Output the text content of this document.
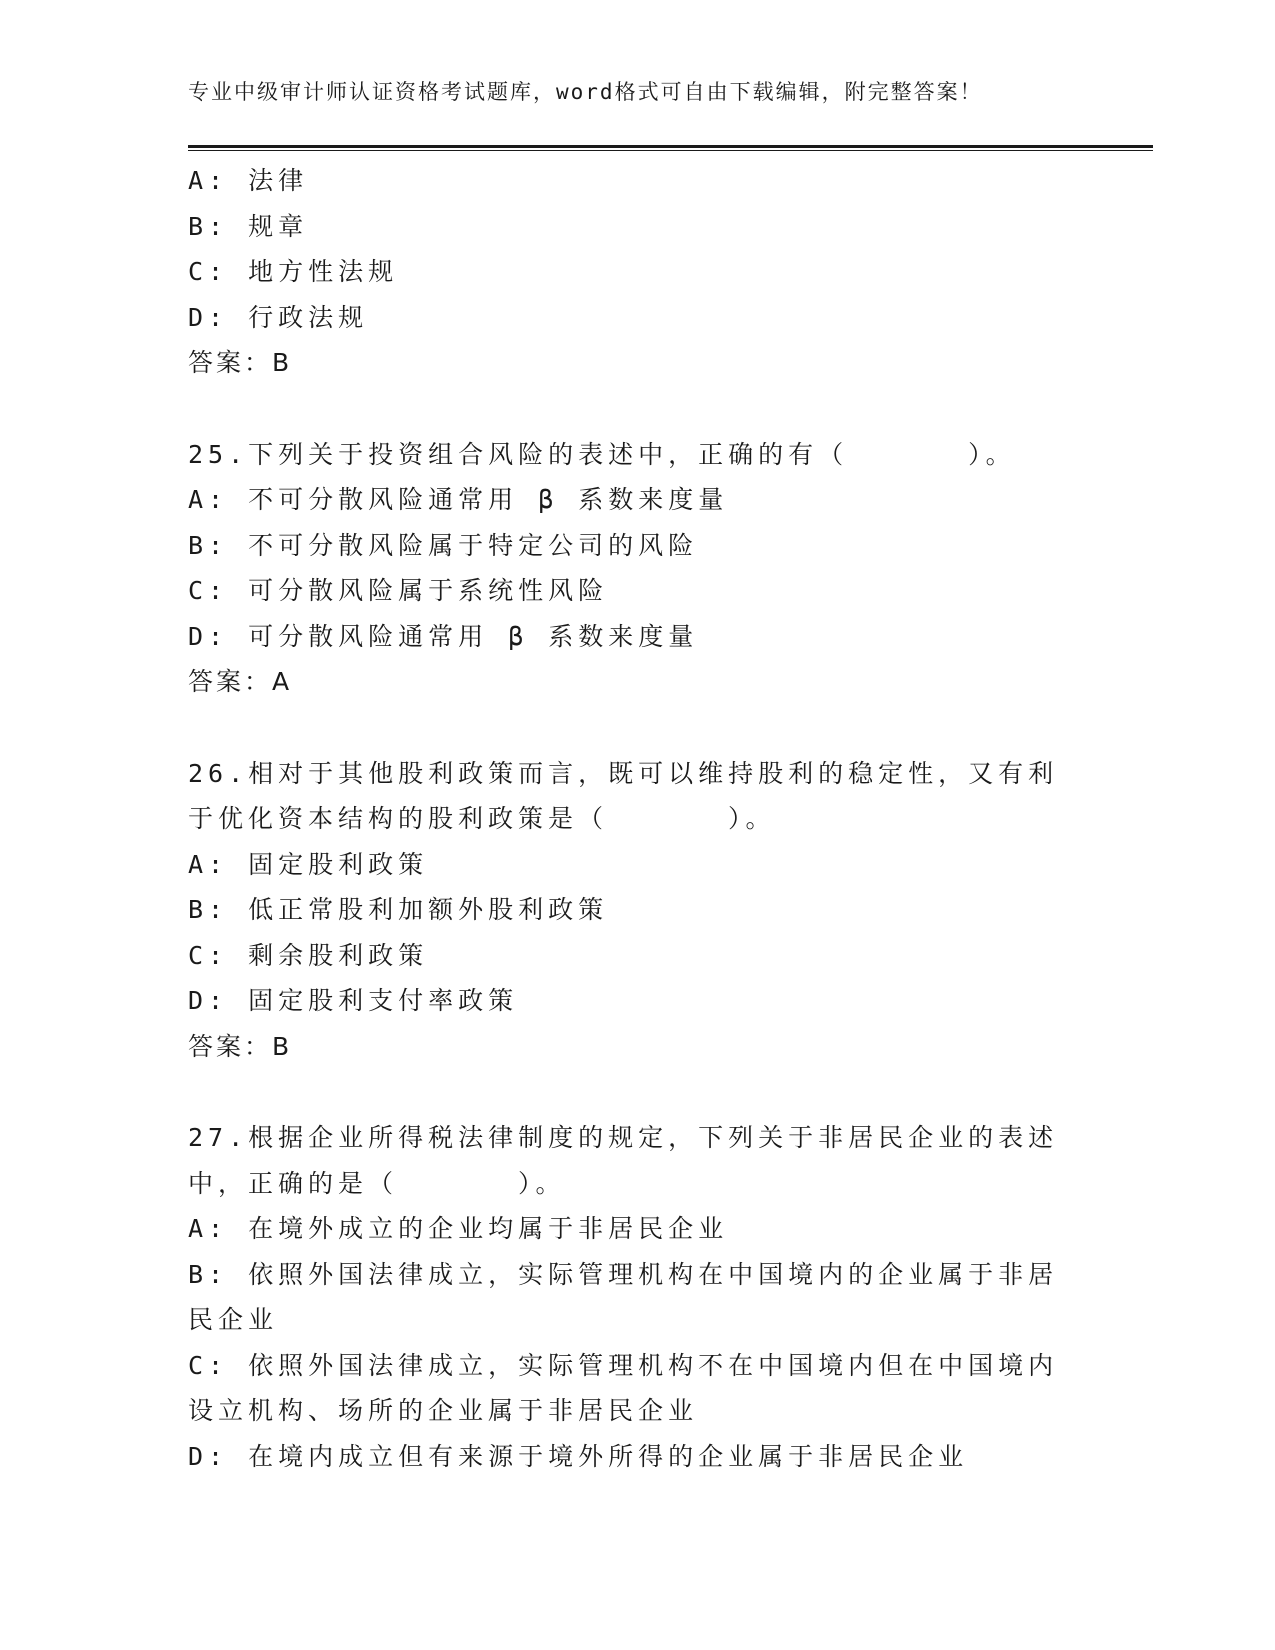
专业中级审计师认证资格考试题库，word格式可自由下载编辑，附完整答案！
A: 法律
B: 规章
C: 地方性法规
D: 行政法规
答案：B
25.下列关于投资组合风险的表述中，正确的有（　　　　）。
A: 不可分散风险通常用 β 系数来度量
B: 不可分散风险属于特定公司的风险
C: 可分散风险属于系统性风险
D: 可分散风险通常用 β 系数来度量
答案：A
26.相对于其他股利政策而言，既可以维持股利的稳定性，又有利于优化资本结构的股利政策是（　　　　）。
A: 固定股利政策
B: 低正常股利加额外股利政策
C: 剩余股利政策
D: 固定股利支付率政策
答案：B
27.根据企业所得税法律制度的规定，下列关于非居民企业的表述中，正确的是（　　　　）。
A: 在境外成立的企业均属于非居民企业
B: 依照外国法律成立，实际管理机构在中国境内的企业属于非居民企业
C: 依照外国法律成立，实际管理机构不在中国境内但在中国境内设立机构、场所的企业属于非居民企业
D: 在境内成立但有来源于境外所得的企业属于非居民企业
